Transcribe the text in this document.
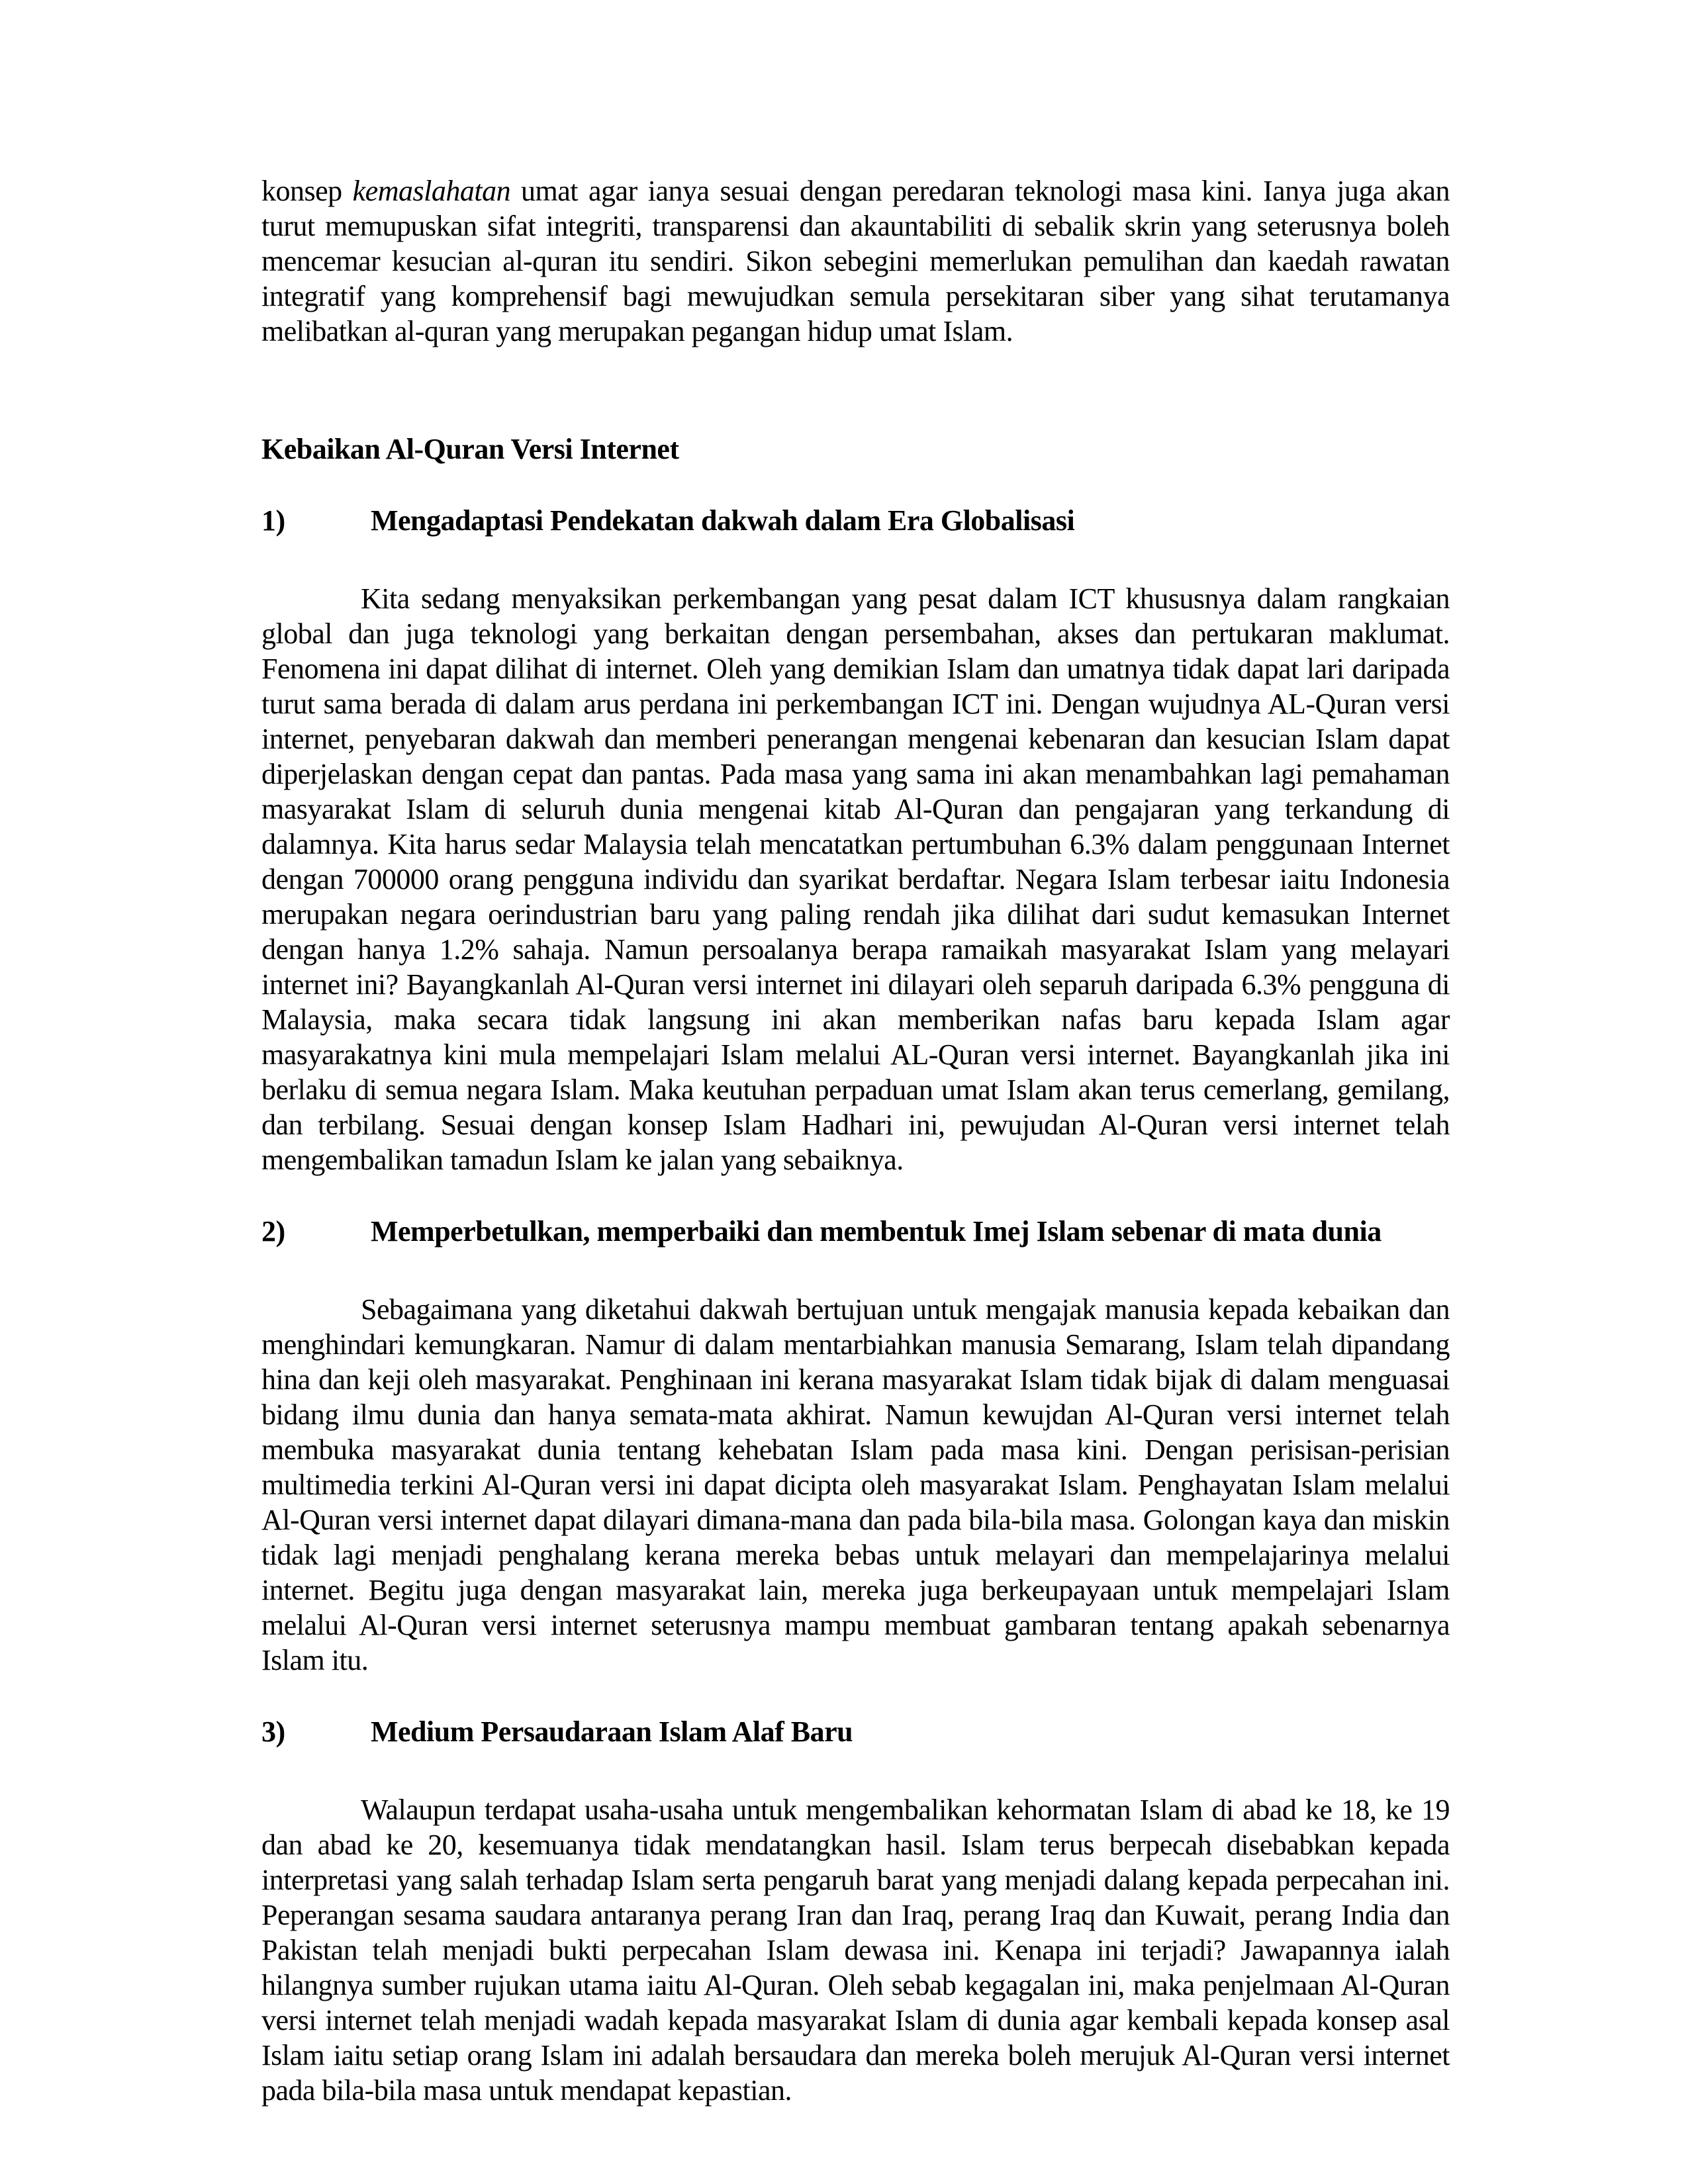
konsep kemaslahatan umat agar ianya sesuai dengan peredaran teknologi masa kini. Ianya juga akan turut memupuskan sifat integriti, transparensi dan akauntabiliti di sebalik skrin yang seterusnya boleh mencemar kesucian al-quran itu sendiri. Sikon sebegini memerlukan pemulihan dan kaedah rawatan integratif yang komprehensif bagi mewujudkan semula persekitaran siber yang sihat terutamanya melibatkan al-quran yang merupakan pegangan hidup umat Islam.

Kebaikan Al-Quran Versi Internet
1)	Mengadaptasi Pendekatan dakwah dalam Era Globalisasi

Kita sedang menyaksikan perkembangan yang pesat dalam ICT khususnya dalam rangkaian global dan juga teknologi yang berkaitan dengan persembahan, akses dan pertukaran maklumat. Fenomena ini dapat dilihat di internet. Oleh yang demikian Islam dan umatnya tidak dapat lari daripada turut sama berada di dalam arus perdana ini perkembangan ICT ini. Dengan wujudnya AL-Quran versi internet, penyebaran dakwah dan memberi penerangan mengenai kebenaran dan kesucian Islam dapat diperjelaskan dengan cepat dan pantas. Pada masa yang sama ini akan menambahkan lagi pemahaman masyarakat Islam di seluruh dunia mengenai kitab Al-Quran dan pengajaran yang terkandung di dalamnya. Kita harus sedar Malaysia telah mencatatkan pertumbuhan 6.3% dalam penggunaan Internet dengan 700000 orang pengguna individu dan syarikat berdaftar. Negara Islam terbesar iaitu Indonesia merupakan negara oerindustrian baru yang paling rendah jika dilihat dari sudut kemasukan Internet dengan hanya 1.2% sahaja. Namun persoalanya berapa ramaikah masyarakat Islam yang melayari internet ini? Bayangkanlah Al-Quran versi internet ini dilayari oleh separuh daripada 6.3% pengguna di Malaysia, maka secara tidak langsung ini akan memberikan nafas baru kepada Islam agar masyarakatnya kini mula mempelajari Islam melalui AL-Quran versi internet. Bayangkanlah jika ini berlaku di semua negara Islam. Maka keutuhan perpaduan umat Islam akan terus cemerlang, gemilang, dan terbilang. Sesuai dengan konsep Islam Hadhari ini, pewujudan Al-Quran versi internet telah mengembalikan tamadun Islam ke jalan yang sebaiknya.

2)	Memperbetulkan, memperbaiki dan membentuk Imej Islam sebenar di mata dunia

Sebagaimana yang diketahui dakwah bertujuan untuk mengajak manusia kepada kebaikan dan menghindari kemungkaran. Namur di dalam mentarbiahkan manusia Semarang, Islam telah dipandang hina dan keji oleh masyarakat. Penghinaan ini kerana masyarakat Islam tidak bijak di dalam menguasai bidang ilmu dunia dan hanya semata-mata akhirat. Namun kewujdan Al-Quran versi internet telah membuka masyarakat dunia tentang kehebatan Islam pada masa kini. Dengan perisisan-perisian multimedia terkini Al-Quran versi ini dapat dicipta oleh masyarakat Islam. Penghayatan Islam melalui Al-Quran versi internet dapat dilayari dimana-mana dan pada bila-bila masa. Golongan kaya dan miskin tidak lagi menjadi penghalang kerana mereka bebas untuk melayari dan mempelajarinya melalui internet. Begitu juga dengan masyarakat lain, mereka juga berkeupayaan untuk mempelajari Islam melalui Al-Quran versi internet seterusnya mampu membuat gambaran tentang apakah sebenarnya Islam itu.

3)	Medium Persaudaraan Islam Alaf Baru

Walaupun terdapat usaha-usaha untuk mengembalikan kehormatan Islam di abad ke 18, ke 19 dan abad ke 20, kesemuanya tidak mendatangkan hasil. Islam terus berpecah disebabkan kepada interpretasi yang salah terhadap Islam serta pengaruh barat yang menjadi dalang kepada perpecahan ini. Peperangan sesama saudara antaranya perang Iran dan Iraq, perang Iraq dan Kuwait, perang India dan Pakistan telah menjadi bukti perpecahan Islam dewasa ini. Kenapa ini terjadi? Jawapannya ialah hilangnya sumber rujukan utama iaitu Al-Quran. Oleh sebab kegagalan ini, maka penjelmaan Al-Quran versi internet telah menjadi wadah kepada masyarakat Islam di dunia agar kembali kepada konsep asal Islam iaitu setiap orang Islam ini adalah bersaudara dan mereka boleh merujuk Al-Quran versi internet pada bila-bila masa untuk mendapat kepastian.
